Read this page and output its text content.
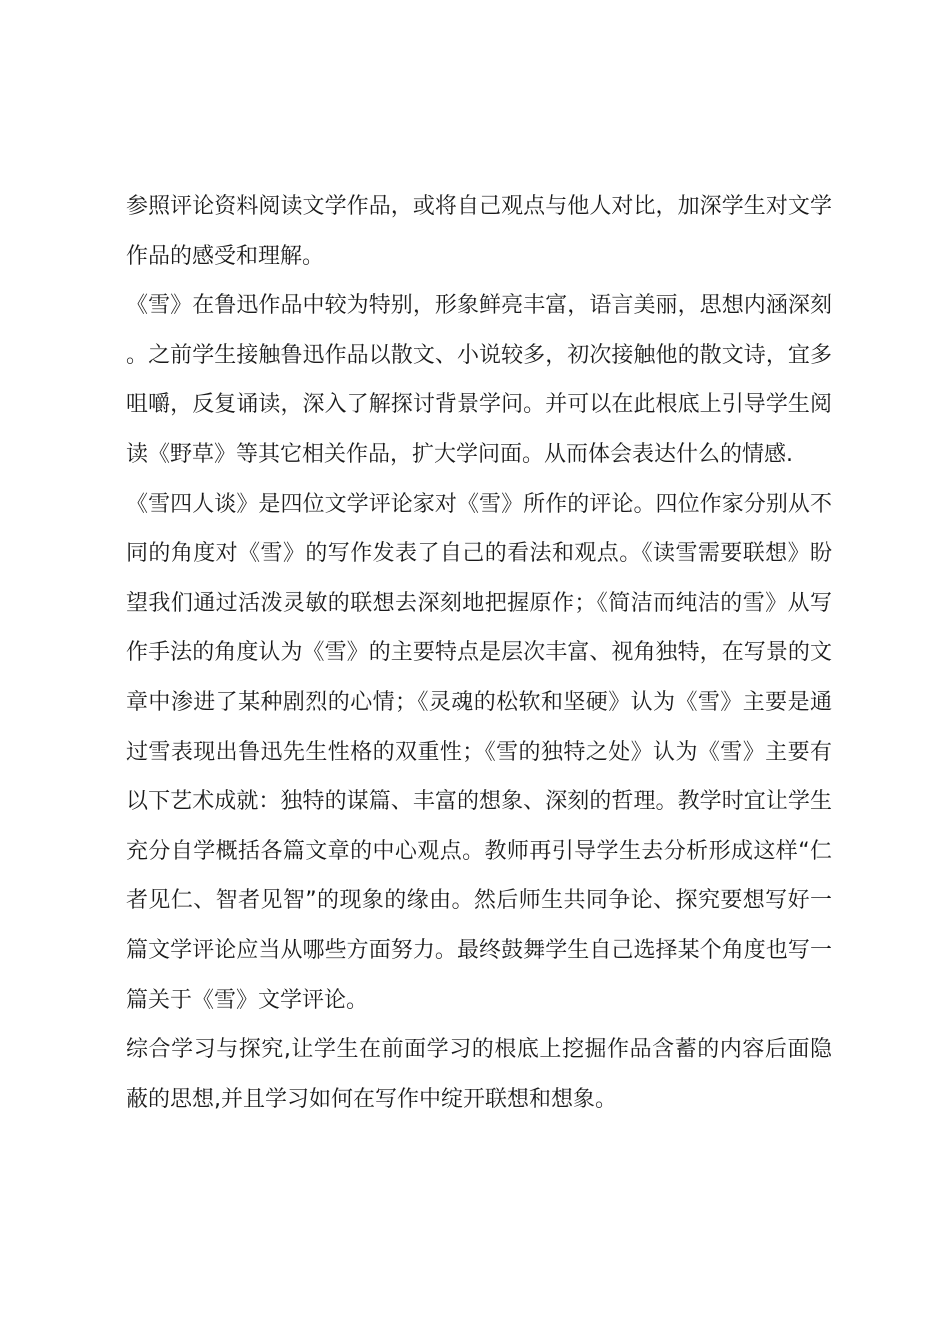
参照评论资料阅读文学作品，或将自己观点与他人对比，加深学生对文学作品的感受和理解。

《雪》在鲁迅作品中较为特别，形象鲜亮丰富，语言美丽，思想内涵深刻。之前学生接触鲁迅作品以散文、小说较多，初次接触他的散文诗，宜多咀嚼，反复诵读，深入了解探讨背景学问。并可以在此根底上引导学生阅读《野草》等其它相关作品，扩大学问面。从而体会表达什么的情感.

《雪四人谈》是四位文学评论家对《雪》所作的评论。四位作家分别从不同的角度对《雪》的写作发表了自己的看法和观点。《读雪需要联想》盼望我们通过活泼灵敏的联想去深刻地把握原作；《简洁而纯洁的雪》从写作手法的角度认为《雪》的主要特点是层次丰富、视角独特，在写景的文章中渗进了某种剧烈的心情；《灵魂的松软和坚硬》认为《雪》主要是通过雪表现出鲁迅先生性格的双重性；《雪的独特之处》认为《雪》主要有以下艺术成就：独特的谋篇、丰富的想象、深刻的哲理。教学时宜让学生充分自学概括各篇文章的中心观点。教师再引导学生去分析形成这样“仁者见仁、智者见智”的现象的缘由。然后师生共同争论、探究要想写好一篇文学评论应当从哪些方面努力。最终鼓舞学生自己选择某个角度也写一篇关于《雪》文学评论。

综合学习与探究,让学生在前面学习的根底上挖掘作品含蓄的内容后面隐蔽的思想,并且学习如何在写作中绽开联想和想象。
